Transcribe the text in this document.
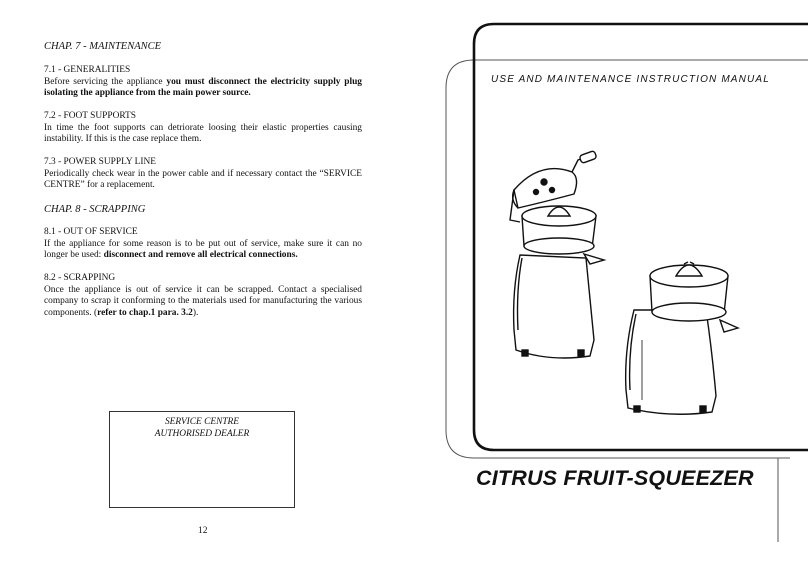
CHAP. 7 - MAINTENANCE
7.1 - GENERALITIES
Before servicing the appliance you must disconnect the electricity supply plug isolating the appliance from the main power source.
7.2 - FOOT SUPPORTS
In time the foot supports can detriorate loosing their elastic properties causing instability. If this is the case replace them.
7.3 - POWER SUPPLY LINE
Periodically check wear in the power cable and if necessary contact the “SERVICE CENTRE” for a replacement.
CHAP. 8 - SCRAPPING
8.1 - OUT OF SERVICE
If the appliance for some reason is to be put out of service, make sure it can no longer be used: disconnect and remove all electrical connections.
8.2 - SCRAPPING
Once the appliance is out of service it can be scrapped. Contact a specialised company to scrap it conforming to the materials used for manufacturing the various components. (refer to chap.1 para. 3.2).
SERVICE CENTRE
AUTHORISED DEALER
12
USE AND MAINTENANCE INSTRUCTION MANUAL
CITRUS FRUIT-SQUEEZER
